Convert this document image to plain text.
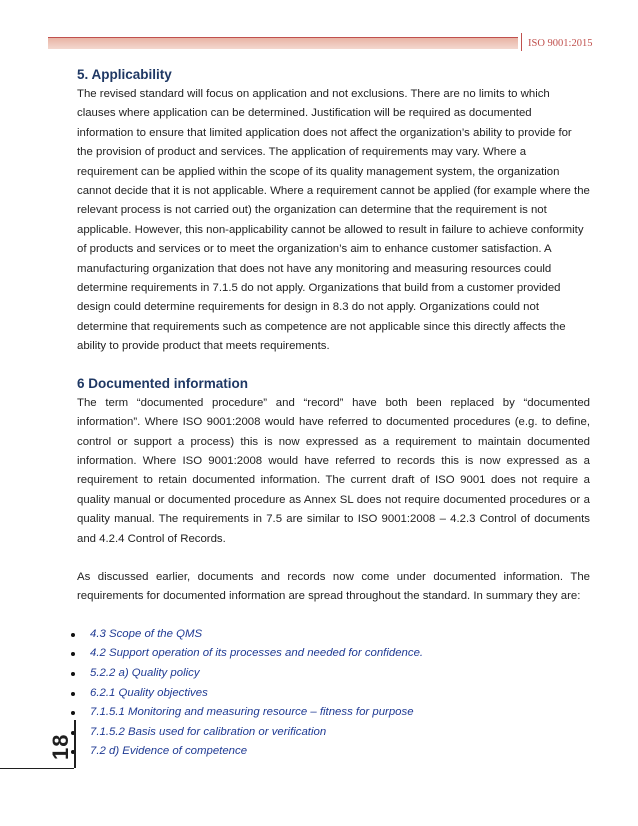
ISO 9001:2015
5. Applicability

The revised standard will focus on application and not exclusions. There are no limits to which clauses where application can be determined. Justification will be required as documented information to ensure that limited application does not affect the organization’s ability to provide for the provision of product and services. The application of requirements may vary. Where a requirement can be applied within the scope of its quality management system, the organization cannot decide that it is not applicable. Where a requirement cannot be applied (for example where the relevant process is not carried out) the organization can determine that the requirement is not applicable. However, this non-applicability cannot be allowed to result in failure to achieve conformity of products and services or to meet the organization’s aim to enhance customer satisfaction. A manufacturing organization that does not have any monitoring and measuring resources could determine requirements in 7.1.5 do not apply. Organizations that build from a customer provided design could determine requirements for design in 8.3 do not apply. Organizations could not determine that requirements such as competence are not applicable since this directly affects the ability to provide product that meets requirements.

6 Documented information

The term “documented procedure” and “record” have both been replaced by “documented information”. Where ISO 9001:2008 would have referred to documented procedures (e.g. to define, control or support a process) this is now expressed as a requirement to maintain documented information. Where ISO 9001:2008 would have referred to records this is now expressed as a requirement to retain documented information. The current draft of ISO 9001 does not require a quality manual or documented procedure as Annex SL does not require documented procedures or a quality manual. The requirements in 7.5 are similar to ISO 9001:2008 – 4.2.3 Control of documents and 4.2.4 Control of Records.

As discussed earlier, documents and records now come under documented information. The requirements for documented information are spread throughout the standard. In summary they are:

4.3 Scope of the QMS
4.2 Support operation of its processes and needed for confidence.
5.2.2 a) Quality policy
6.2.1 Quality objectives
7.1.5.1 Monitoring and measuring resource – fitness for purpose
7.1.5.2 Basis used for calibration or verification
7.2 d) Evidence of competence
18
